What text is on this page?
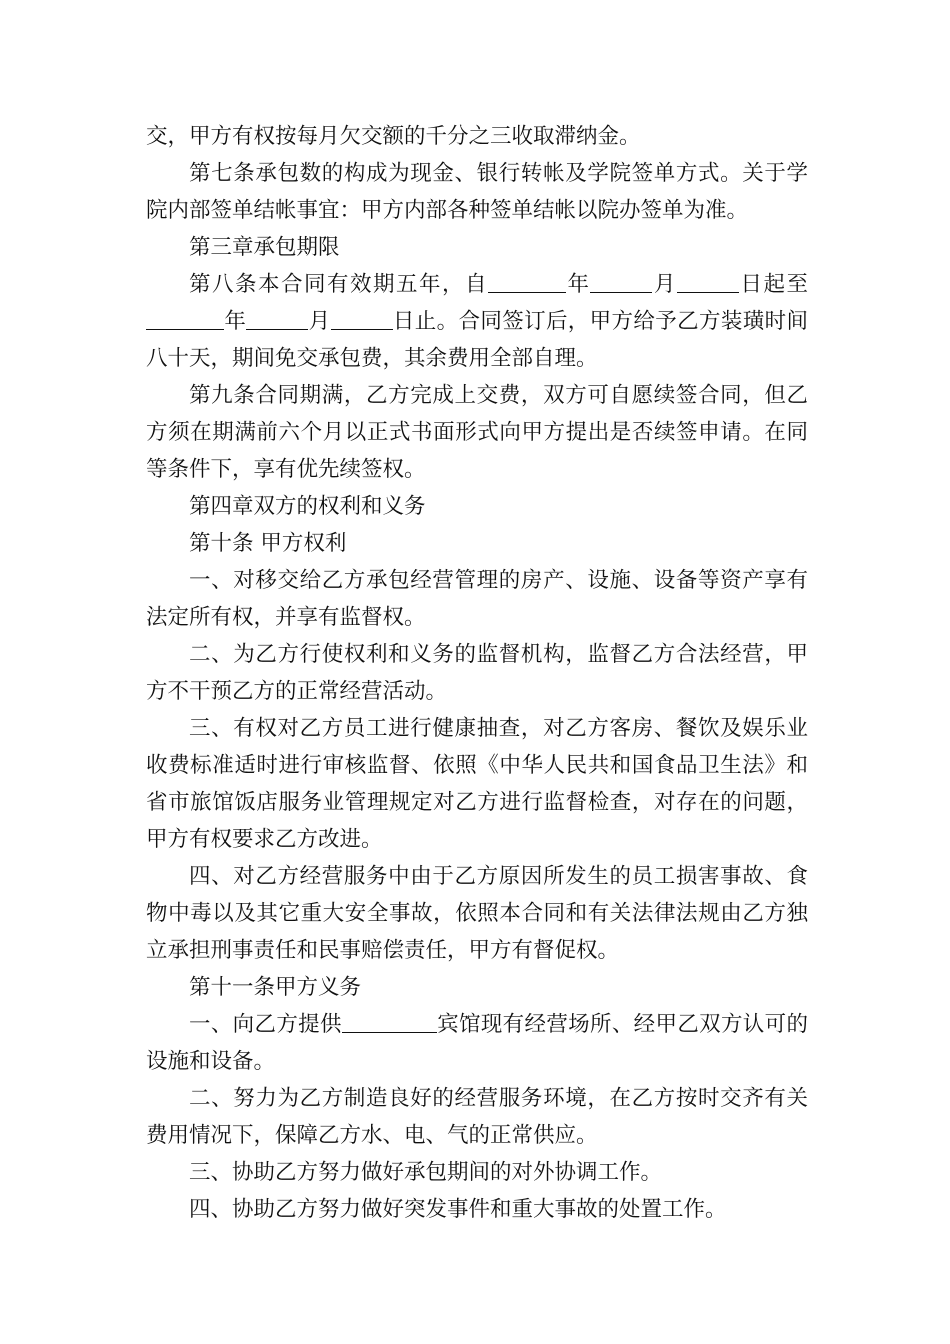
交，甲方有权按每月欠交额的千分之三收取滞纳金。

第七条承包数的构成为现金、银行转帐及学院签单方式。关于学院内部签单结帐事宜：甲方内部各种签单结帐以院办签单为准。

第三章承包期限

第八条本合同有效期五年，自	年	月	日起至年	月	日止。合同签订后，甲方给予乙方装璜时间八十天，期间免交承包费，其余费用全部自理。

第九条合同期满，乙方完成上交费，双方可自愿续签合同，但乙方须在期满前六个月以正式书面形式向甲方提出是否续签申请。在同等条件下，享有优先续签权。

第四章双方的权利和义务

第十条 甲方权利

一、对移交给乙方承包经营管理的房产、设施、设备等资产享有法定所有权，并享有监督权。

二、为乙方行使权利和义务的监督机构，监督乙方合法经营，甲方不干预乙方的正常经营活动。

三、有权对乙方员工进行健康抽查，对乙方客房、餐饮及娱乐业收费标准适时进行审核监督、依照《中华人民共和国食品卫生法》和省市旅馆饭店服务业管理规定对乙方进行监督检查，对存在的问题，甲方有权要求乙方改进。

四、对乙方经营服务中由于乙方原因所发生的员工损害事故、食物中毒以及其它重大安全事故，依照本合同和有关法律法规由乙方独立承担刑事责任和民事赔偿责任，甲方有督促权。

第十一条甲方义务

一、向乙方提供	宾馆现有经营场所、经甲乙双方认可的设施和设备。

二、努力为乙方制造良好的经营服务环境，在乙方按时交齐有关费用情况下，保障乙方水、电、气的正常供应。

三、协助乙方努力做好承包期间的对外协调工作。

四、协助乙方努力做好突发事件和重大事故的处置工作。
